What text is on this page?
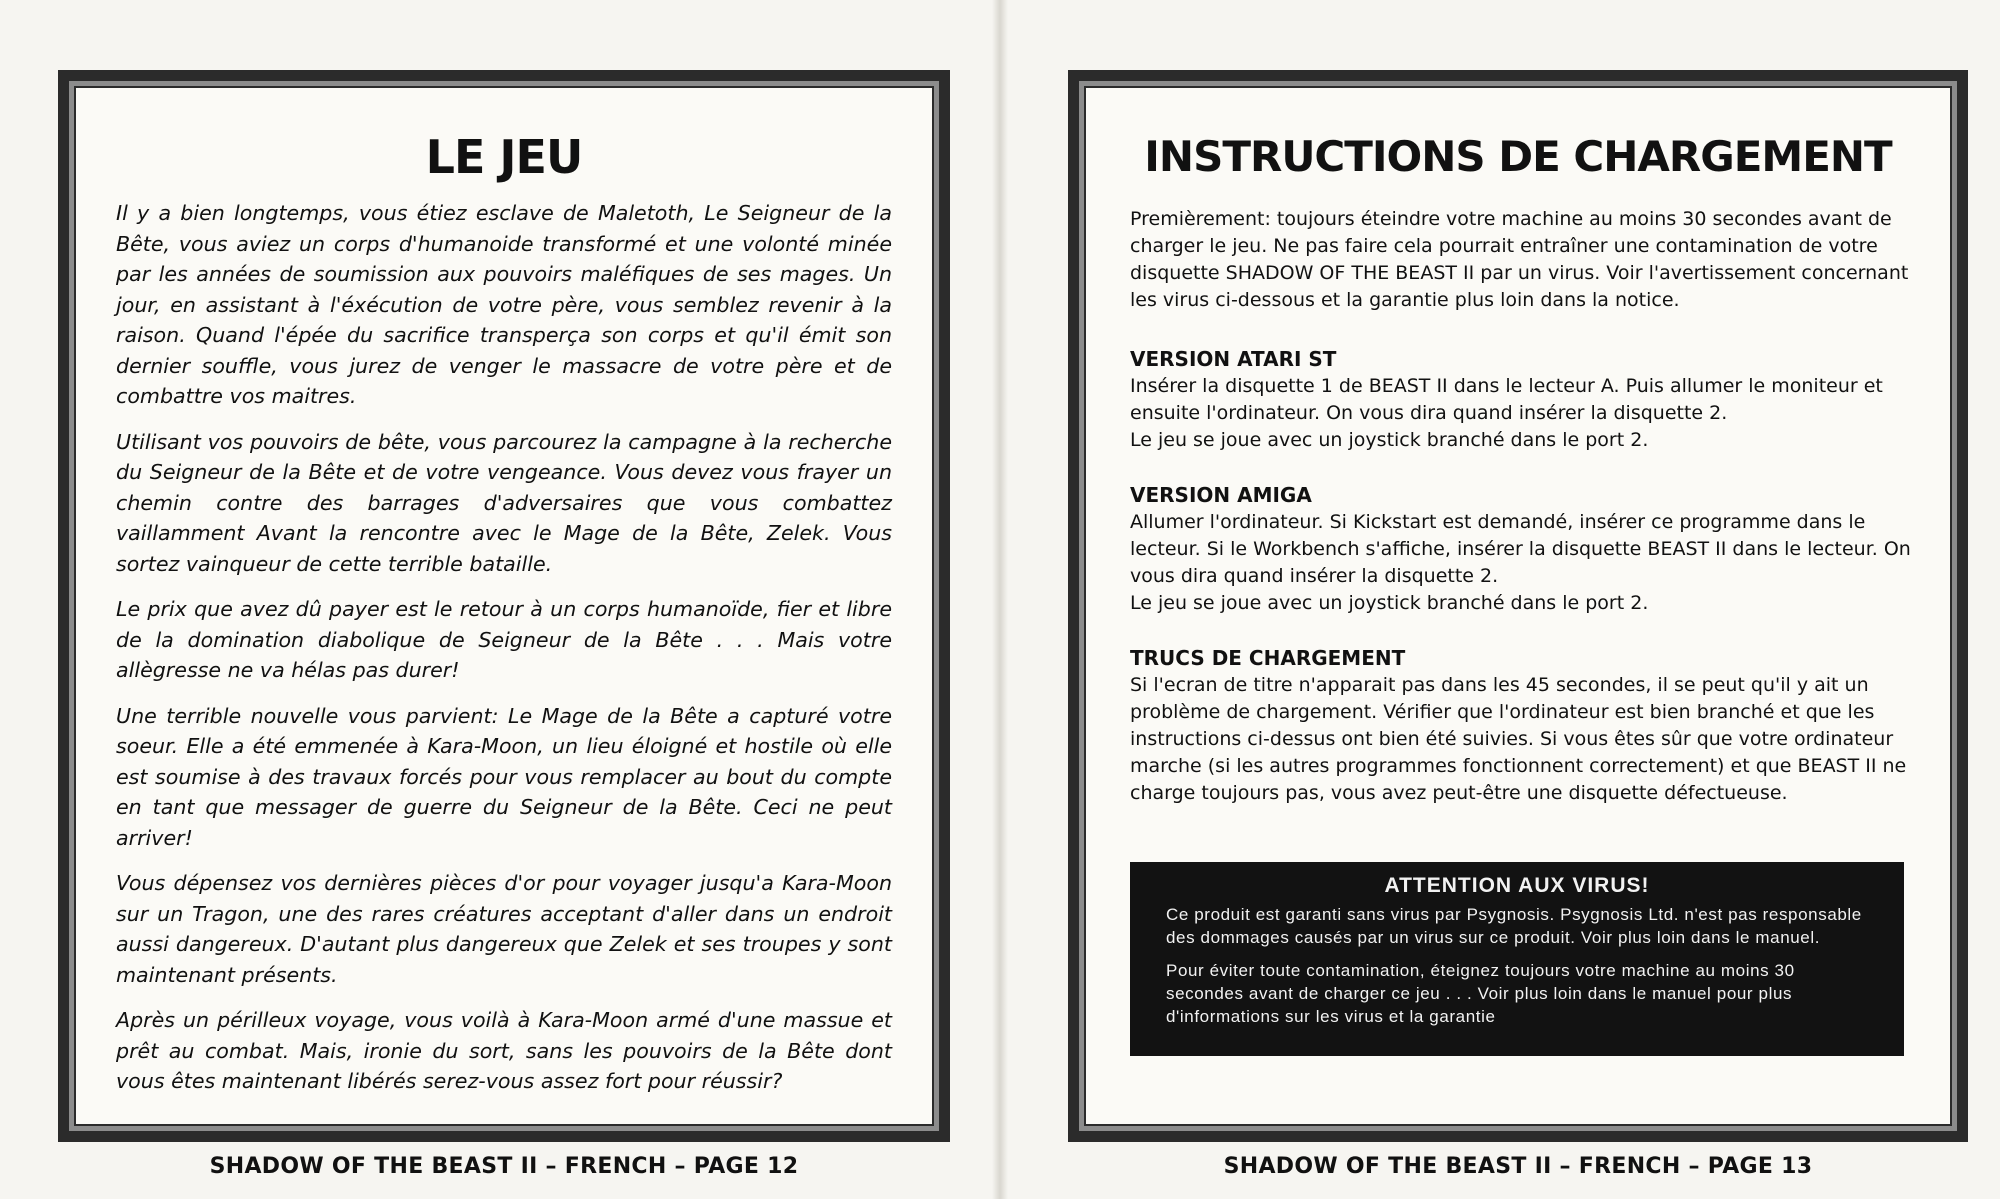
LE JEU

Il y a bien longtemps, vous étiez esclave de Maletoth, Le Seigneur de la Bête, vous aviez un corps d'humanoide transformé et une volonté minée par les années de soumission aux pouvoirs maléfiques de ses mages. Un jour, en assistant à l'éxécution de votre père, vous semblez revenir à la raison. Quand l'épée du sacrifice transperça son corps et qu'il émit son dernier souffle, vous jurez de venger le massacre de votre père et de combattre vos maitres.

Utilisant vos pouvoirs de bête, vous parcourez la campagne à la recherche du Seigneur de la Bête et de votre vengeance. Vous devez vous frayer un chemin contre des barrages d'adversaires que vous combattez vaillamment Avant la rencontre avec le Mage de la Bête, Zelek. Vous sortez vainqueur de cette terrible bataille.

Le prix que avez dû payer est le retour à un corps humanoïde, fier et libre de la domination diabolique de Seigneur de la Bête . . . Mais votre allègresse ne va hélas pas durer!

Une terrible nouvelle vous parvient: Le Mage de la Bête a capturé votre soeur. Elle a été emmenée à Kara-Moon, un lieu éloigné et hostile où elle est soumise à des travaux forcés pour vous remplacer au bout du compte en tant que messager de guerre du Seigneur de la Bête. Ceci ne peut arriver!

Vous dépensez vos dernières pièces d'or pour voyager jusqu'a Kara-Moon sur un Tragon, une des rares créatures acceptant d'aller dans un endroit aussi dangereux. D'autant plus dangereux que Zelek et ses troupes y sont maintenant présents.

Après un périlleux voyage, vous voilà à Kara-Moon armé d'une massue et prêt au combat. Mais, ironie du sort, sans les pouvoirs de la Bête dont vous êtes maintenant libérés serez-vous assez fort pour réussir?

SHADOW OF THE BEAST II – FRENCH – PAGE 12
INSTRUCTIONS DE CHARGEMENT

Premièrement: toujours éteindre votre machine au moins 30 secondes avant de charger le jeu. Ne pas faire cela pourrait entraîner une contamination de votre disquette SHADOW OF THE BEAST II par un virus. Voir l'avertissement concernant les virus ci-dessous et la garantie plus loin dans la notice.

VERSION ATARI ST
Insérer la disquette 1 de BEAST II dans le lecteur A. Puis allumer le moniteur et ensuite l'ordinateur. On vous dira quand insérer la disquette 2.
Le jeu se joue avec un joystick branché dans le port 2.
VERSION AMIGA
Allumer l'ordinateur. Si Kickstart est demandé, insérer ce programme dans le lecteur. Si le Workbench s'affiche, insérer la disquette BEAST II dans le lecteur. On vous dira quand insérer la disquette 2.
Le jeu se joue avec un joystick branché dans le port 2.
TRUCS DE CHARGEMENT
Si l'ecran de titre n'apparait pas dans les 45 secondes, il se peut qu'il y ait un problème de chargement. Vérifier que l'ordinateur est bien branché et que les instructions ci-dessus ont bien été suivies. Si vous êtes sûr que votre ordinateur marche (si les autres programmes fonctionnent correctement) et que BEAST II ne charge toujours pas, vous avez peut-être une disquette défectueuse.
ATTENTION AUX VIRUS!

Ce produit est garanti sans virus par Psygnosis. Psygnosis Ltd. n'est pas responsable des dommages causés par un virus sur ce produit. Voir plus loin dans le manuel.

Pour éviter toute contamination, éteignez toujours votre machine au moins 30 secondes avant de charger ce jeu . . . Voir plus loin dans le manuel pour plus d'informations sur les virus et la garantie

SHADOW OF THE BEAST II – FRENCH – PAGE 13
